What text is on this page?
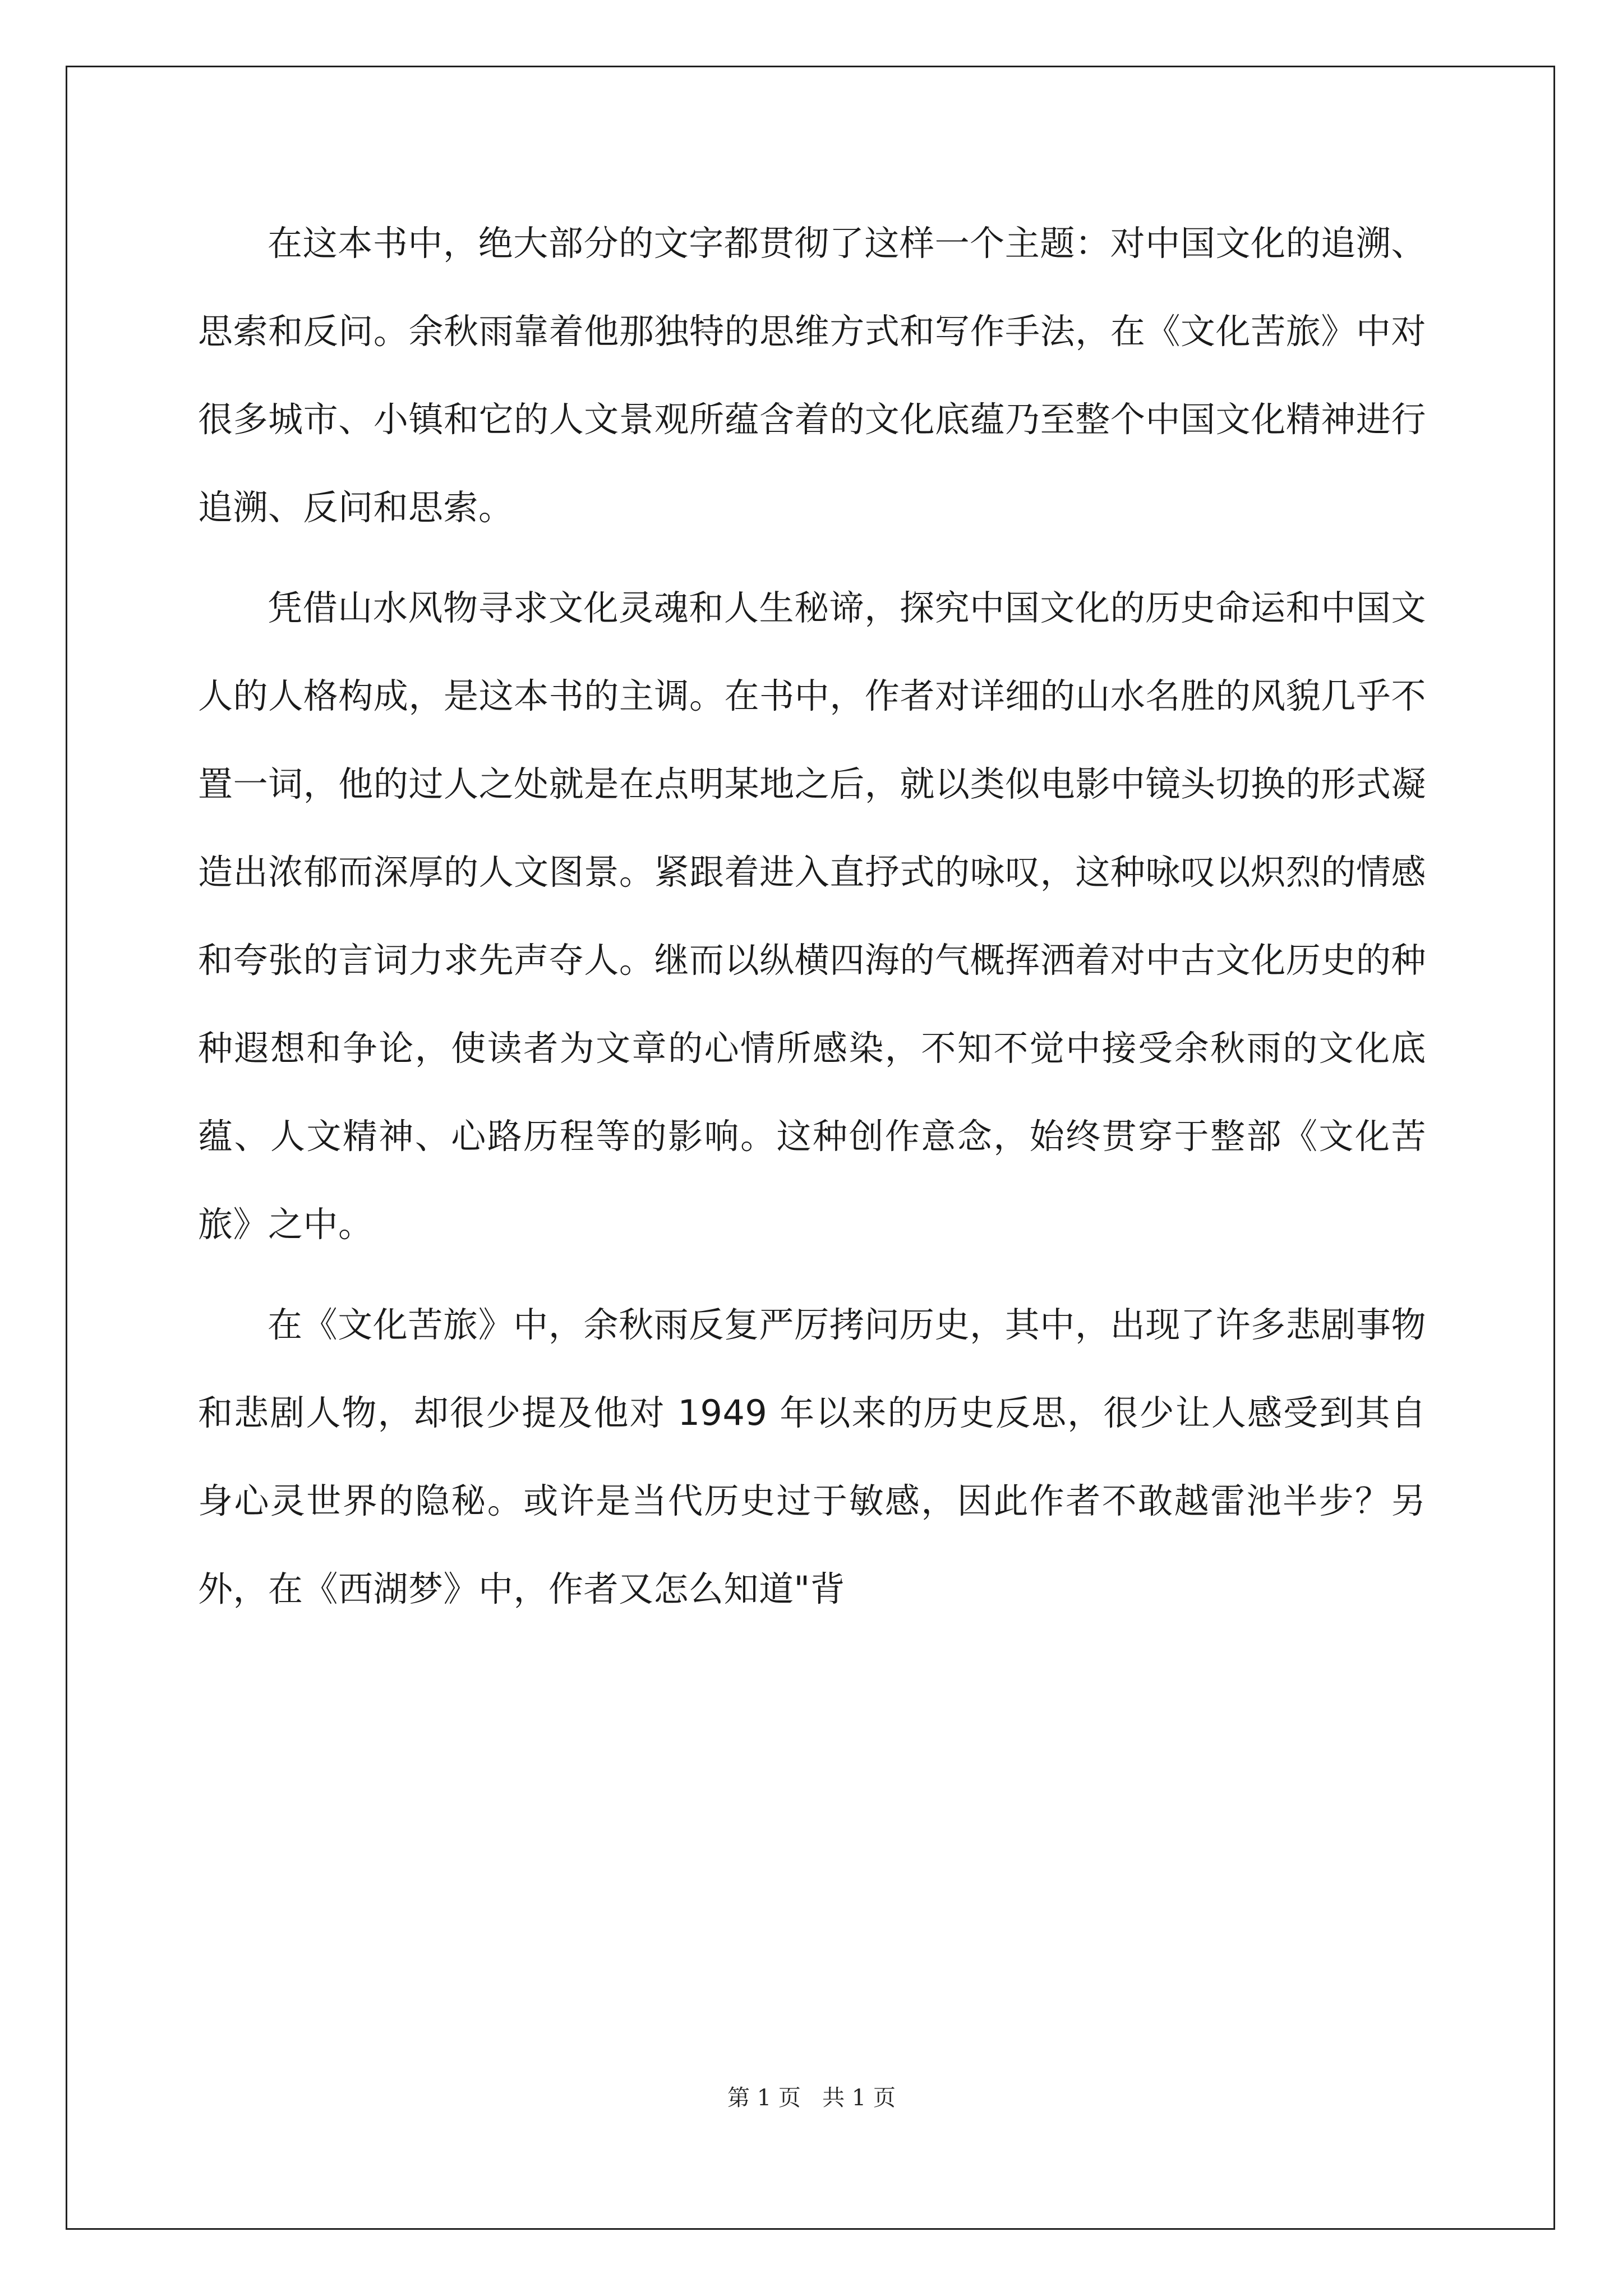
在这本书中，绝大部分的文字都贯彻了这样一个主题：对中国文化的追溯、思索和反问。余秋雨靠着他那独特的思维方式和写作手法，在《文化苦旅》中对很多城市、小镇和它的人文景观所蕴含着的文化底蕴乃至整个中国文化精神进行追溯、反问和思索。

凭借山水风物寻求文化灵魂和人生秘谛，探究中国文化的历史命运和中国文人的人格构成，是这本书的主调。在书中，作者对详细的山水名胜的风貌几乎不置一词，他的过人之处就是在点明某地之后，就以类似电影中镜头切换的形式凝造出浓郁而深厚的人文图景。紧跟着进入直抒式的咏叹，这种咏叹以炽烈的情感和夸张的言词力求先声夺人。继而以纵横四海的气概挥洒着对中古文化历史的种种遐想和争论，使读者为文章的心情所感染，不知不觉中接受余秋雨的文化底蕴、人文精神、心路历程等的影响。这种创作意念，始终贯穿于整部《文化苦旅》之中。

在《文化苦旅》中，余秋雨反复严厉拷问历史，其中，出现了许多悲剧事物和悲剧人物，却很少提及他对 1949 年以来的历史反思，很少让人感受到其自身心灵世界的隐秘。或许是当代历史过于敏感，因此作者不敢越雷池半步？另外，在《西湖梦》中，作者又怎么知道"背

第 1 页   共 1 页
